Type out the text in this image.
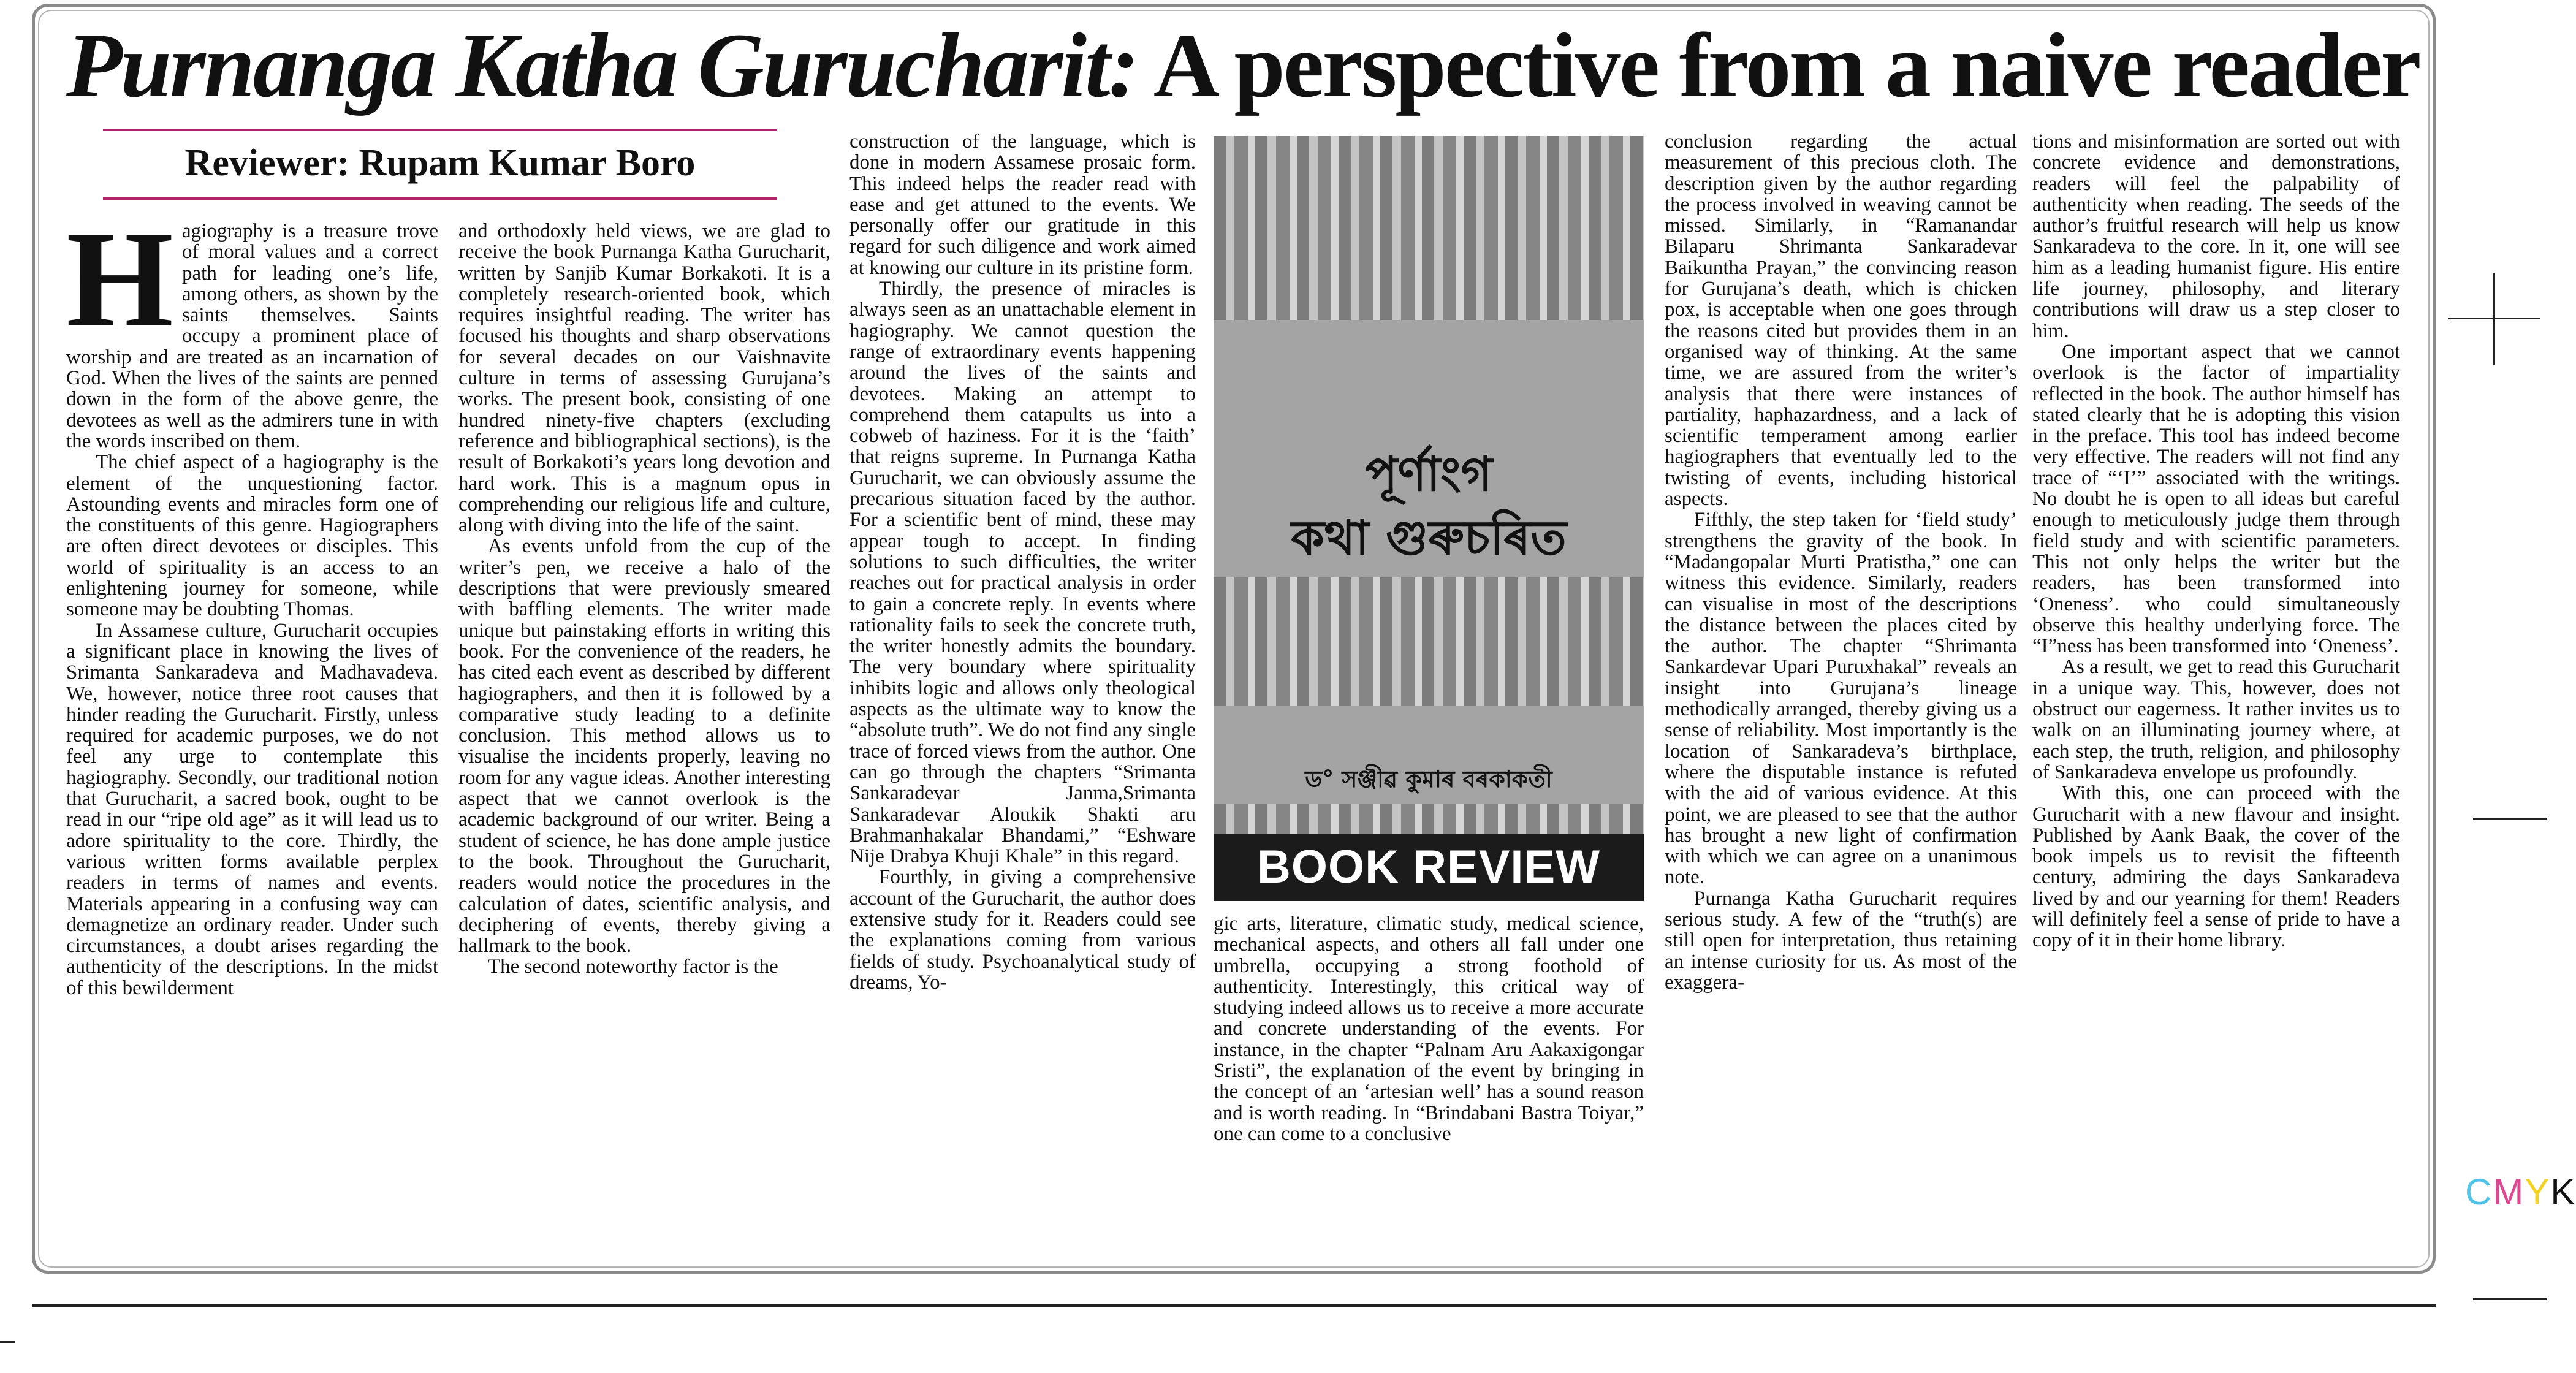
Purnanga Katha Gurucharit: A perspective from a naive reader
Reviewer: Rupam Kumar Boro

Hagiography is a treasure trove of moral values and a correct path for leading one’s life, among others, as shown by the saints themselves. Saints occupy a prominent place of worship and are treated as an incarnation of God. When the lives of the saints are penned down in the form of the above genre, the devotees as well as the admirers tune in with the words inscribed on them.

The chief aspect of a hagiography is the element of the unquestioning factor. Astounding events and miracles form one of the constituents of this genre. Hagiographers are often direct devotees or disciples. This world of spirituality is an access to an enlightening journey for someone, while someone may be doubting Thomas.

In Assamese culture, Gurucharit occupies a significant place in knowing the lives of Srimanta Sankaradeva and Madhavadeva. We, however, notice three root causes that hinder reading the Gurucharit. Firstly, unless required for academic purposes, we do not feel any urge to contemplate this hagiography. Secondly, our traditional notion that Gurucharit, a sacred book, ought to be read in our “ripe old age” as it will lead us to adore spirituality to the core. Thirdly, the various written forms available perplex readers in terms of names and events. Materials appearing in a confusing way can demagnetize an ordinary reader. Under such circumstances, a doubt arises regarding the authenticity of the descriptions. In the midst of this bewilderment

and orthodoxly held views, we are glad to receive the book Purnanga Katha Gurucharit, written by Sanjib Kumar Borkakoti. It is a completely research-oriented book, which requires insightful reading. The writer has focused his thoughts and sharp observations for several decades on our Vaishnavite culture in terms of assessing Gurujana’s works. The present book, consisting of one hundred ninety-five chapters (excluding reference and bibliographical sections), is the result of Borkakoti’s years long devotion and hard work. This is a magnum opus in comprehending our religious life and culture, along with diving into the life of the saint.

As events unfold from the cup of the writer’s pen, we receive a halo of the descriptions that were previously smeared with baffling elements. The writer made unique but painstaking efforts in writing this book. For the convenience of the readers, he has cited each event as described by different hagiographers, and then it is followed by a comparative study leading to a definite conclusion. This method allows us to visualise the incidents properly, leaving no room for any vague ideas. Another interesting aspect that we cannot overlook is the academic background of our writer. Being a student of science, he has done ample justice to the book. Throughout the Gurucharit, readers would notice the procedures in the calculation of dates, scientific analysis, and deciphering of events, thereby giving a hallmark to the book.

The second noteworthy factor is the

construction of the language, which is done in modern Assamese prosaic form. This indeed helps the reader read with ease and get attuned to the events. We personally offer our gratitude in this regard for such diligence and work aimed at knowing our culture in its pristine form.

Thirdly, the presence of miracles is always seen as an unattachable element in hagiography. We cannot question the range of extraordinary events happening around the lives of the saints and devotees. Making an attempt to comprehend them catapults us into a cobweb of haziness. For it is the ‘faith’ that reigns supreme. In Purnanga Katha Gurucharit, we can obviously assume the precarious situation faced by the author. For a scientific bent of mind, these may appear tough to accept. In finding solutions to such difficulties, the writer reaches out for practical analysis in order to gain a concrete reply. In events where rationality fails to seek the concrete truth, the writer honestly admits the boundary. The very boundary where spirituality inhibits logic and allows only theological aspects as the ultimate way to know the “absolute truth”. We do not find any single trace of forced views from the author. One can go through the chapters “Srimanta Sankaradevar Janma,Srimanta Sankaradevar Aloukik Shakti aru Brahmanhakalar Bhandami,” “Eshware Nije Drabya Khuji Khale” in this regard.

Fourthly, in giving a comprehensive account of the Gurucharit, the author does extensive study for it. Readers could see the explanations coming from various fields of study. Psychoanalytical study of dreams, Yo-

পূৰ্ণাংগ
কথা গুৰুচৰিত
ড° সঞ্জীৱ কুমাৰ বৰকাকতী
BOOK REVIEW

gic arts, literature, climatic study, medical science, mechanical aspects, and others all fall under one umbrella, occupying a strong foothold of authenticity. Interestingly, this critical way of studying indeed allows us to receive a more accurate and concrete understanding of the events. For instance, in the chapter “Palnam Aru Aakaxigongar Sristi”, the explanation of the event by bringing in the concept of an ‘artesian well’ has a sound reason and is worth reading. In “Brindabani Bastra Toiyar,” one can come to a conclusive

conclusion regarding the actual measurement of this precious cloth. The description given by the author regarding the process involved in weaving cannot be missed. Similarly, in “Ramanandar Bilaparu Shrimanta Sankaradevar Baikuntha Prayan,” the convincing reason for Gurujana’s death, which is chicken pox, is acceptable when one goes through the reasons cited but provides them in an organised way of thinking. At the same time, we are assured from the writer’s analysis that there were instances of partiality, haphazardness, and a lack of scientific temperament among earlier hagiographers that eventually led to the twisting of events, including historical aspects.

Fifthly, the step taken for ‘field study’ strengthens the gravity of the book. In “Madangopalar Murti Pratistha,” one can witness this evidence. Similarly, readers can visualise in most of the descriptions the distance between the places cited by the author. The chapter “Shrimanta Sankardevar Upari Puruxhakal” reveals an insight into Gurujana’s lineage methodically arranged, thereby giving us a sense of reliability. Most importantly is the location of Sankaradeva’s birthplace, where the disputable instance is refuted with the aid of various evidence. At this point, we are pleased to see that the author has brought a new light of confirmation with which we can agree on a unanimous note.

Purnanga Katha Gurucharit requires serious study. A few of the “truth(s) are still open for interpretation, thus retaining an intense curiosity for us. As most of the exaggera-

tions and misinformation are sorted out with concrete evidence and demonstrations, readers will feel the palpability of authenticity when reading. The seeds of the author’s fruitful research will help us know Sankaradeva to the core. In it, one will see him as a leading humanist figure. His entire life journey, philosophy, and literary contributions will draw us a step closer to him.

One important aspect that we cannot overlook is the factor of impartiality reflected in the book. The author himself has stated clearly that he is adopting this vision in the preface. This tool has indeed become very effective. The readers will not find any trace of “‘I’” associated with the writings. No doubt he is open to all ideas but careful enough to meticulously judge them through field study and with scientific parameters. This not only helps the writer but the readers, has been transformed into ‘Oneness’. who could simultaneously observe this healthy underlying force. The “I”ness has been transformed into ‘Oneness’.

As a result, we get to read this Gurucharit in a unique way. This, however, does not obstruct our eagerness. It rather invites us to walk on an illuminating journey where, at each step, the truth, religion, and philosophy of Sankaradeva envelope us profoundly.

With this, one can proceed with the Gurucharit with a new flavour and insight. Published by Aank Baak, the cover of the book impels us to revisit the fifteenth century, admiring the days Sankaradeva lived by and our yearning for them! Readers will definitely feel a sense of pride to have a copy of it in their home library.

CMYK
